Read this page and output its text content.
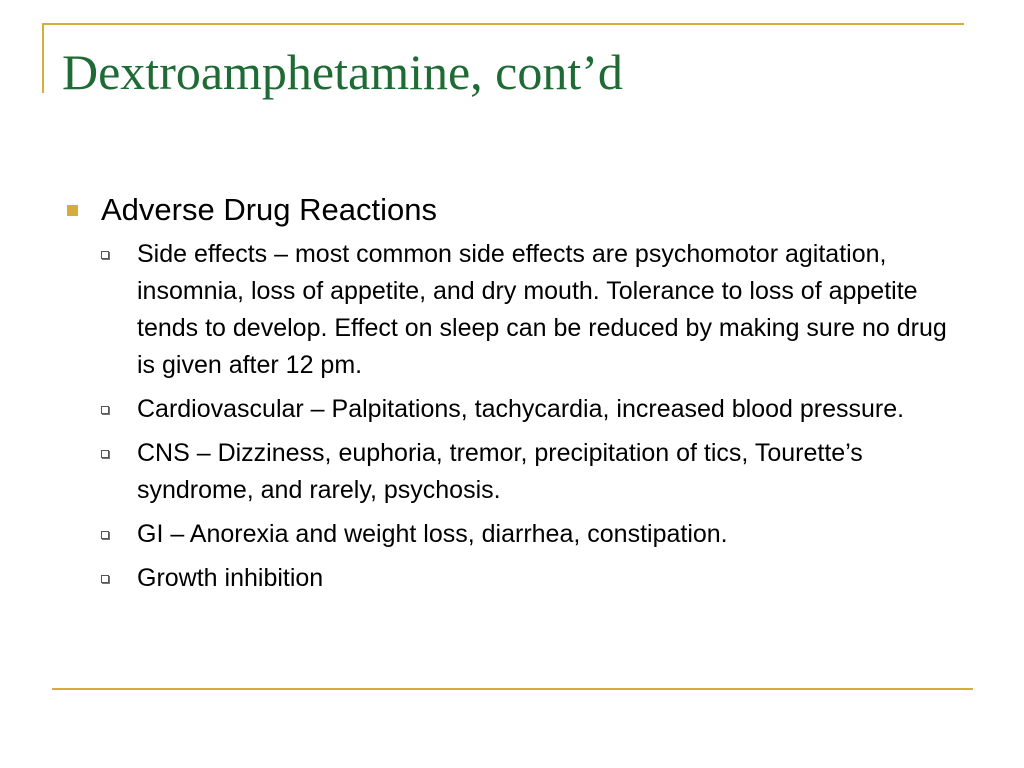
Dextroamphetamine, cont’d
Adverse Drug Reactions
Side effects – most common side effects are psychomotor agitation, insomnia, loss of appetite, and dry mouth. Tolerance to loss of appetite tends to develop. Effect on sleep can be reduced by making sure no drug is given after 12 pm.
Cardiovascular – Palpitations, tachycardia, increased blood pressure.
CNS – Dizziness, euphoria, tremor, precipitation of tics, Tourette’s syndrome, and rarely, psychosis.
GI – Anorexia and weight loss, diarrhea, constipation.
Growth inhibition
